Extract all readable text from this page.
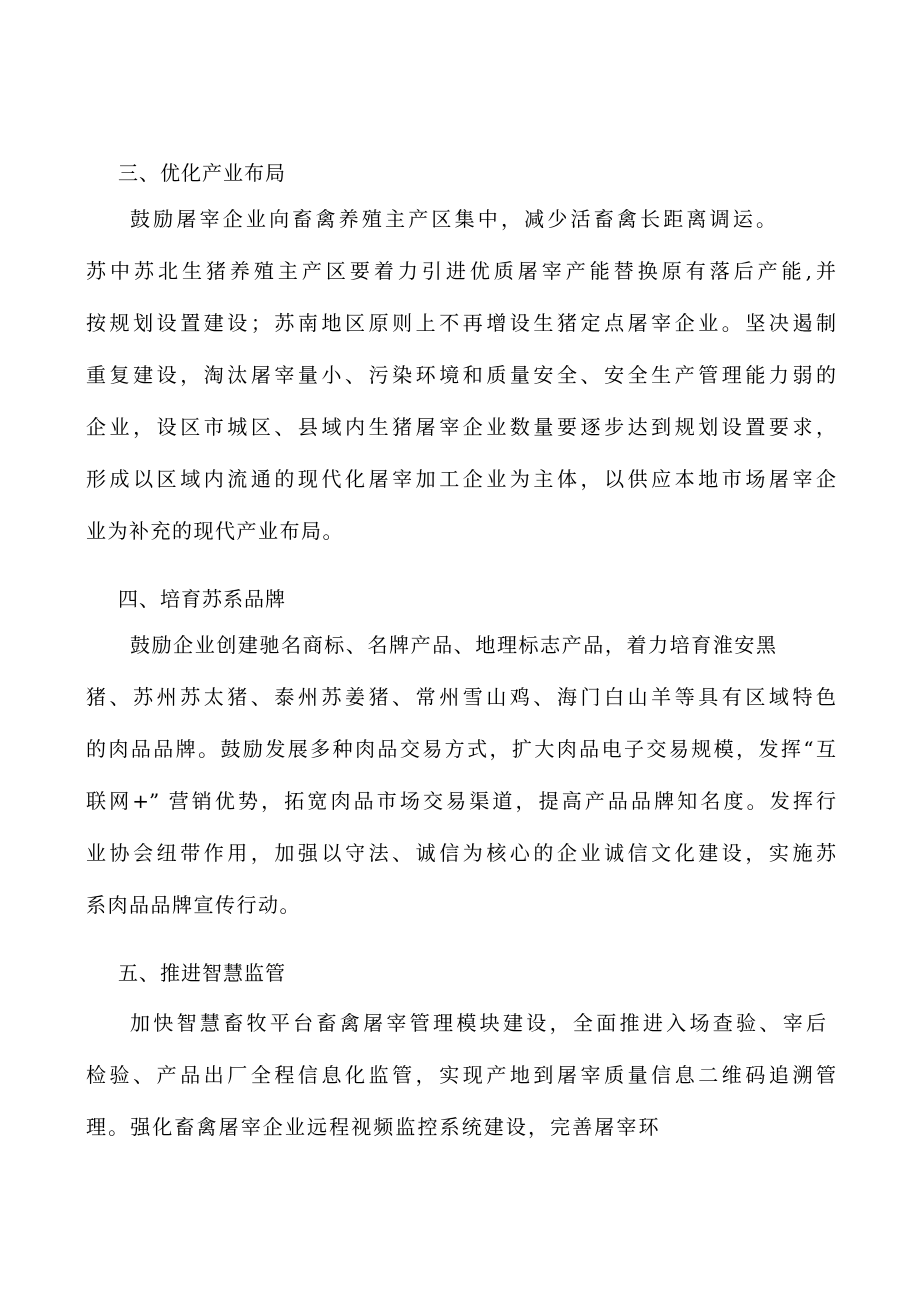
三、优化产业布局

鼓励屠宰企业向畜禽养殖主产区集中，减少活畜禽长距离调运。

苏中苏北生猪养殖主产区要着力引进优质屠宰产能替换原有落后产能,并

按规划设置建设；苏南地区原则上不再增设生猪定点屠宰企业。坚决遏制

重复建设，淘汰屠宰量小、污染环境和质量安全、安全生产管理能力弱的

企业，设区市城区、县域内生猪屠宰企业数量要逐步达到规划设置要求，

形成以区域内流通的现代化屠宰加工企业为主体，以供应本地市场屠宰企

业为补充的现代产业布局。

四、培育苏系品牌

鼓励企业创建驰名商标、名牌产品、地理标志产品，着力培育淮安黑

猪、苏州苏太猪、泰州苏姜猪、常州雪山鸡、海门白山羊等具有区域特色

的肉品品牌。鼓励发展多种肉品交易方式，扩大肉品电子交易规模，发挥“互

联网+” 营销优势，拓宽肉品市场交易渠道，提高产品品牌知名度。发挥行

业协会纽带作用，加强以守法、诚信为核心的企业诚信文化建设，实施苏

系肉品品牌宣传行动。

五、推进智慧监管

加快智慧畜牧平台畜禽屠宰管理模块建设，全面推进入场查验、宰后

检验、产品出厂全程信息化监管，实现产地到屠宰质量信息二维码追溯管

理。强化畜禽屠宰企业远程视频监控系统建设，完善屠宰环
